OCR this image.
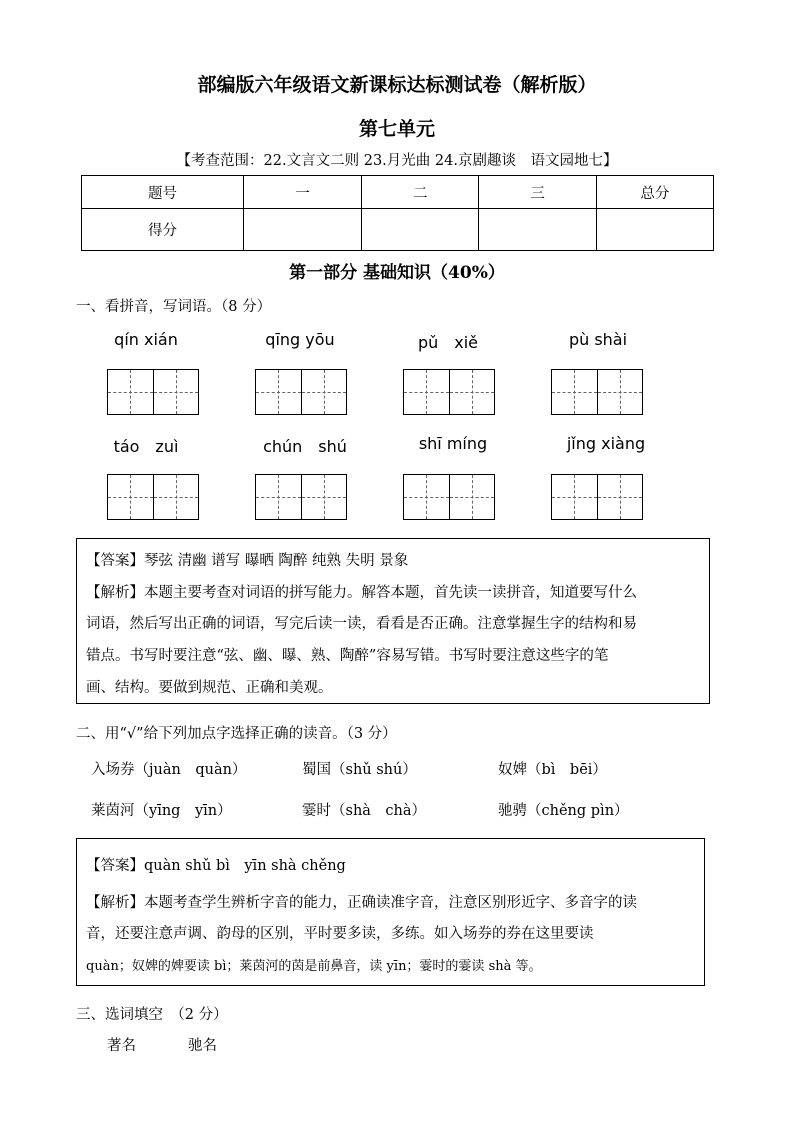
部编版六年级语文新课标达标测试卷（解析版）
第七单元
【考查范围：22.文言文二则 23.月光曲 24.京剧趣谈　语文园地七】
题号	一	二	三	总分
得分				
第一部分 基础知识（40%）
一、看拼音，写词语。（8 分）
qín xián	qīng yōu	pǔ　xiě	pù shài
táo　zuì	chún　shú	shī míng	jǐng xiàng
【答案】琴弦 清幽 谱写 曝晒 陶醉 纯熟 失明 景象
【解析】本题主要考查对词语的拼写能力。解答本题，首先读一读拼音，知道要写什么
词语，然后写出正确的词语，写完后读一读，看看是否正确。注意掌握生字的结构和易
错点。书写时要注意“弦、幽、曝、熟、陶醉”容易写错。书写时要注意这些字的笔
画、结构。要做到规范、正确和美观。
二、用“√”给下列加点字选择正确的读音。（3 分）
入场券（juàn　quàn）	蜀国（shǔ shú）	奴婢（bì　bēi）
莱茵河（yīng　yīn）	霎时（shà　chà）	驰骋（chěng pìn）
【答案】quàn shǔ bì　yīn shà chěng
【解析】本题考查学生辨析字音的能力，正确读准字音，注意区别形近字、多音字的读
音，还要注意声调、韵母的区别，平时要多读，多练。如入场券的券在这里要读
quàn；奴婢的婢要读 bì；莱茵河的茵是前鼻音，读 yīn；霎时的霎读 shà 等。
三、选词填空　（2 分）
著名	驰名
